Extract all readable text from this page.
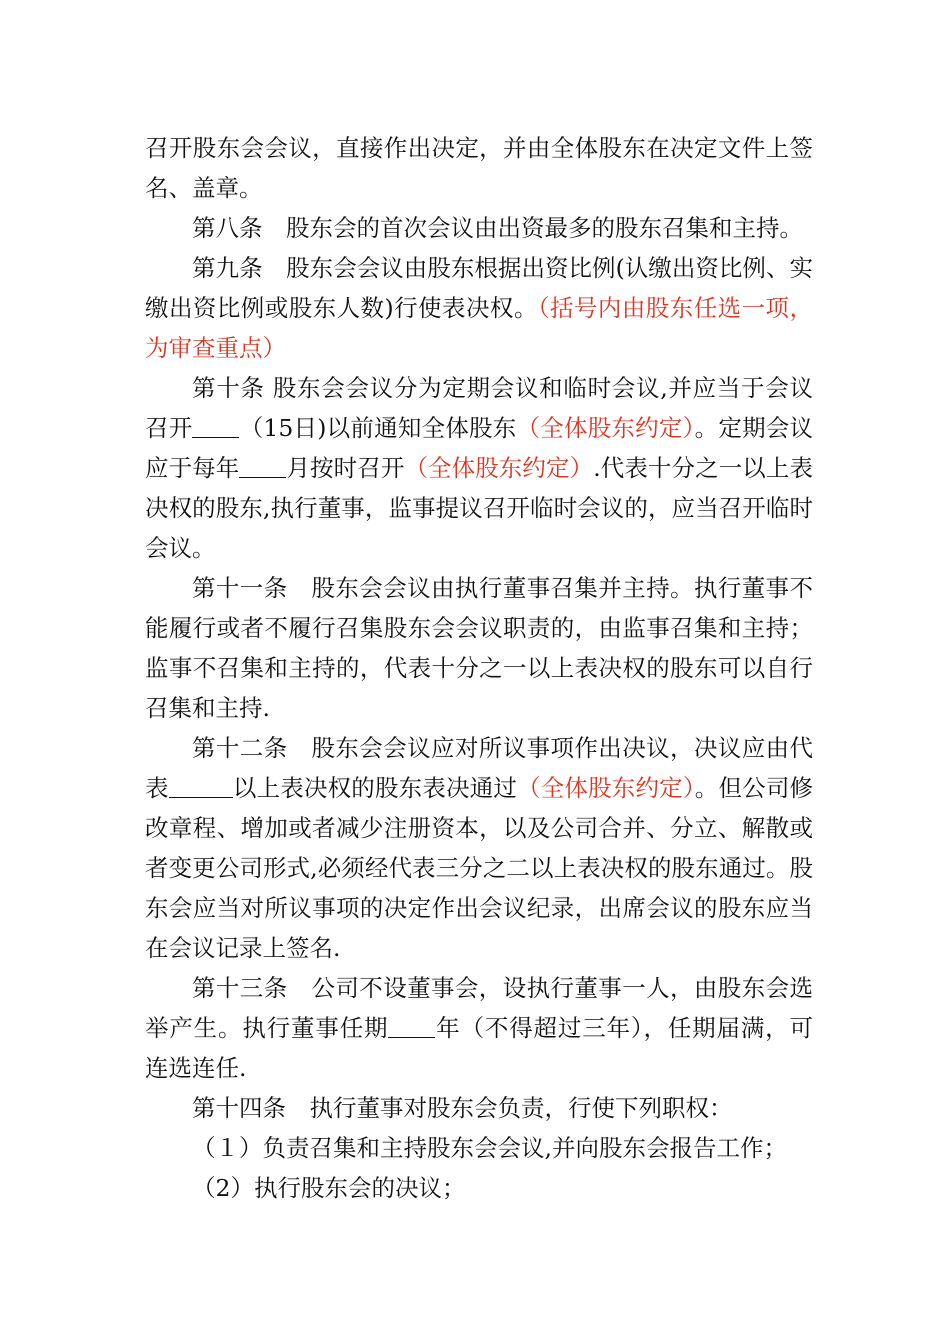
召开股东会会议，直接作出决定，并由全体股东在决定文件上签名、盖章。

第八条　股东会的首次会议由出资最多的股东召集和主持。

第九条　股东会会议由股东根据出资比例(认缴出资比例、实缴出资比例或股东人数)行使表决权。（括号内由股东任选一项，为审查重点）

第十条 股东会会议分为定期会议和临时会议,并应当于会议召开 （15日)以前通知全体股东（全体股东约定）。定期会议应于每年 月按时召开（全体股东约定）.代表十分之一以上表决权的股东,执行董事，监事提议召开临时会议的，应当召开临时会议。

第十一条　股东会会议由执行董事召集并主持。执行董事不能履行或者不履行召集股东会会议职责的，由监事召集和主持；监事不召集和主持的，代表十分之一以上表决权的股东可以自行召集和主持.

第十二条　股东会会议应对所议事项作出决议，决议应由代表	以上表决权的股东表决通过（全体股东约定）。但公司修改章程、增加或者减少注册资本，以及公司合并、分立、解散或者变更公司形式,必须经代表三分之二以上表决权的股东通过。股东会应当对所议事项的决定作出会议纪录，出席会议的股东应当在会议记录上签名.

第十三条　公司不设董事会，设执行董事一人，由股东会选举产生。执行董事任期 年（不得超过三年），任期届满，可连选连任.

第十四条　执行董事对股东会负责，行使下列职权：

（１）负责召集和主持股东会会议,并向股东会报告工作；

（2）执行股东会的决议；
